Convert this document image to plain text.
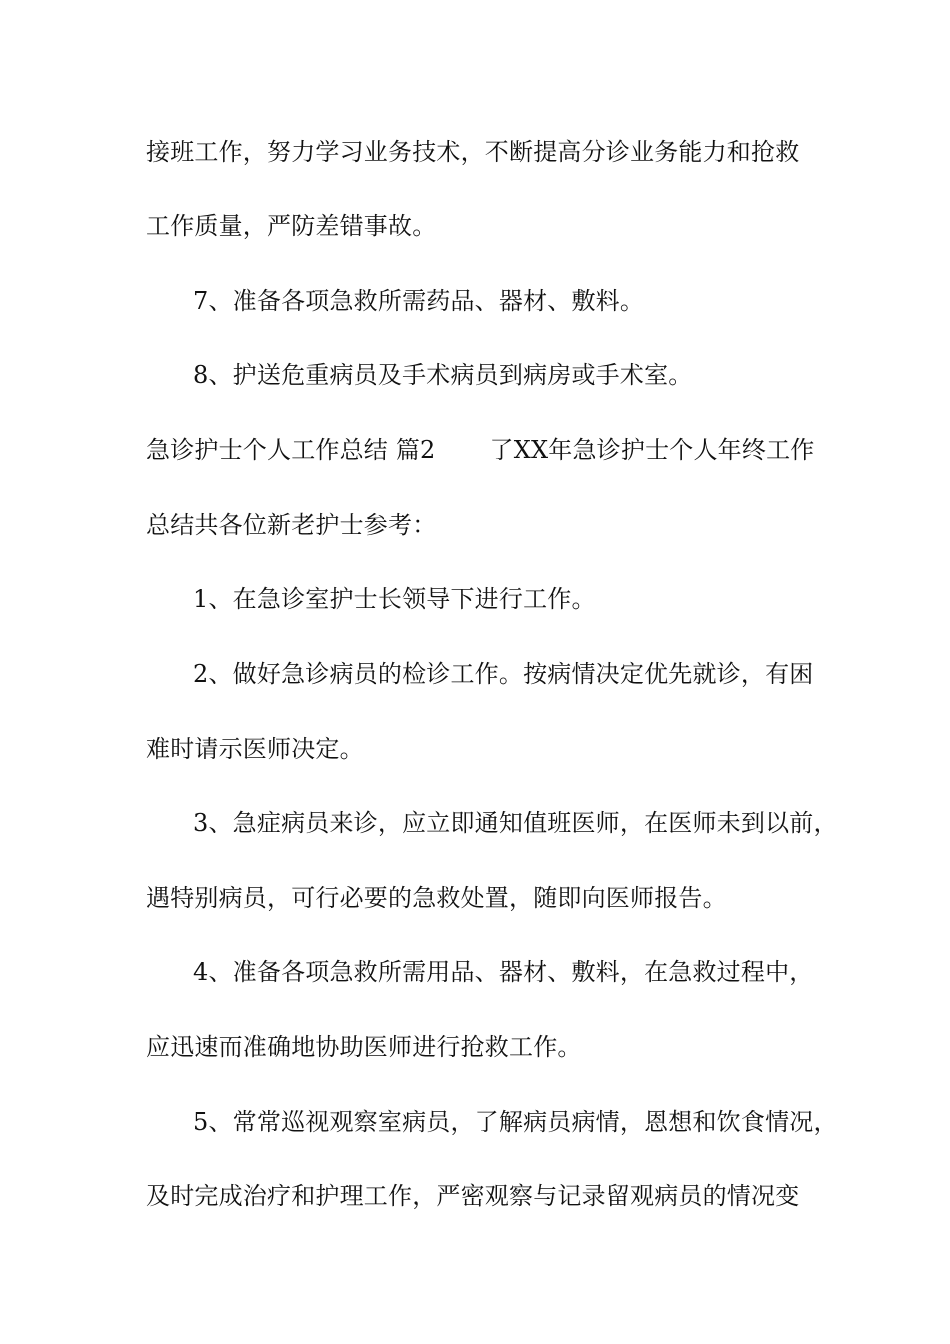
接班工作，努力学习业务技术，不断提高分诊业务能力和抢救
工作质量，严防差错事故。
7、准备各项急救所需药品、器材、敷料。
8、护送危重病员及手术病员到病房或手术室。
急诊护士个人工作总结 篇2 了XX年急诊护士个人年终工作
总结共各位新老护士参考：
1、在急诊室护士长领导下进行工作。
2、做好急诊病员的检诊工作。按病情决定优先就诊，有困
难时请示医师决定。
3、急症病员来诊，应立即通知值班医师，在医师未到以前，
遇特别病员，可行必要的急救处置，随即向医师报告。
4、准备各项急救所需用品、器材、敷料，在急救过程中，
应迅速而准确地协助医师进行抢救工作。
5、常常巡视观察室病员，了解病员病情，恩想和饮食情况，
及时完成治疗和护理工作，严密观察与记录留观病员的情况变
